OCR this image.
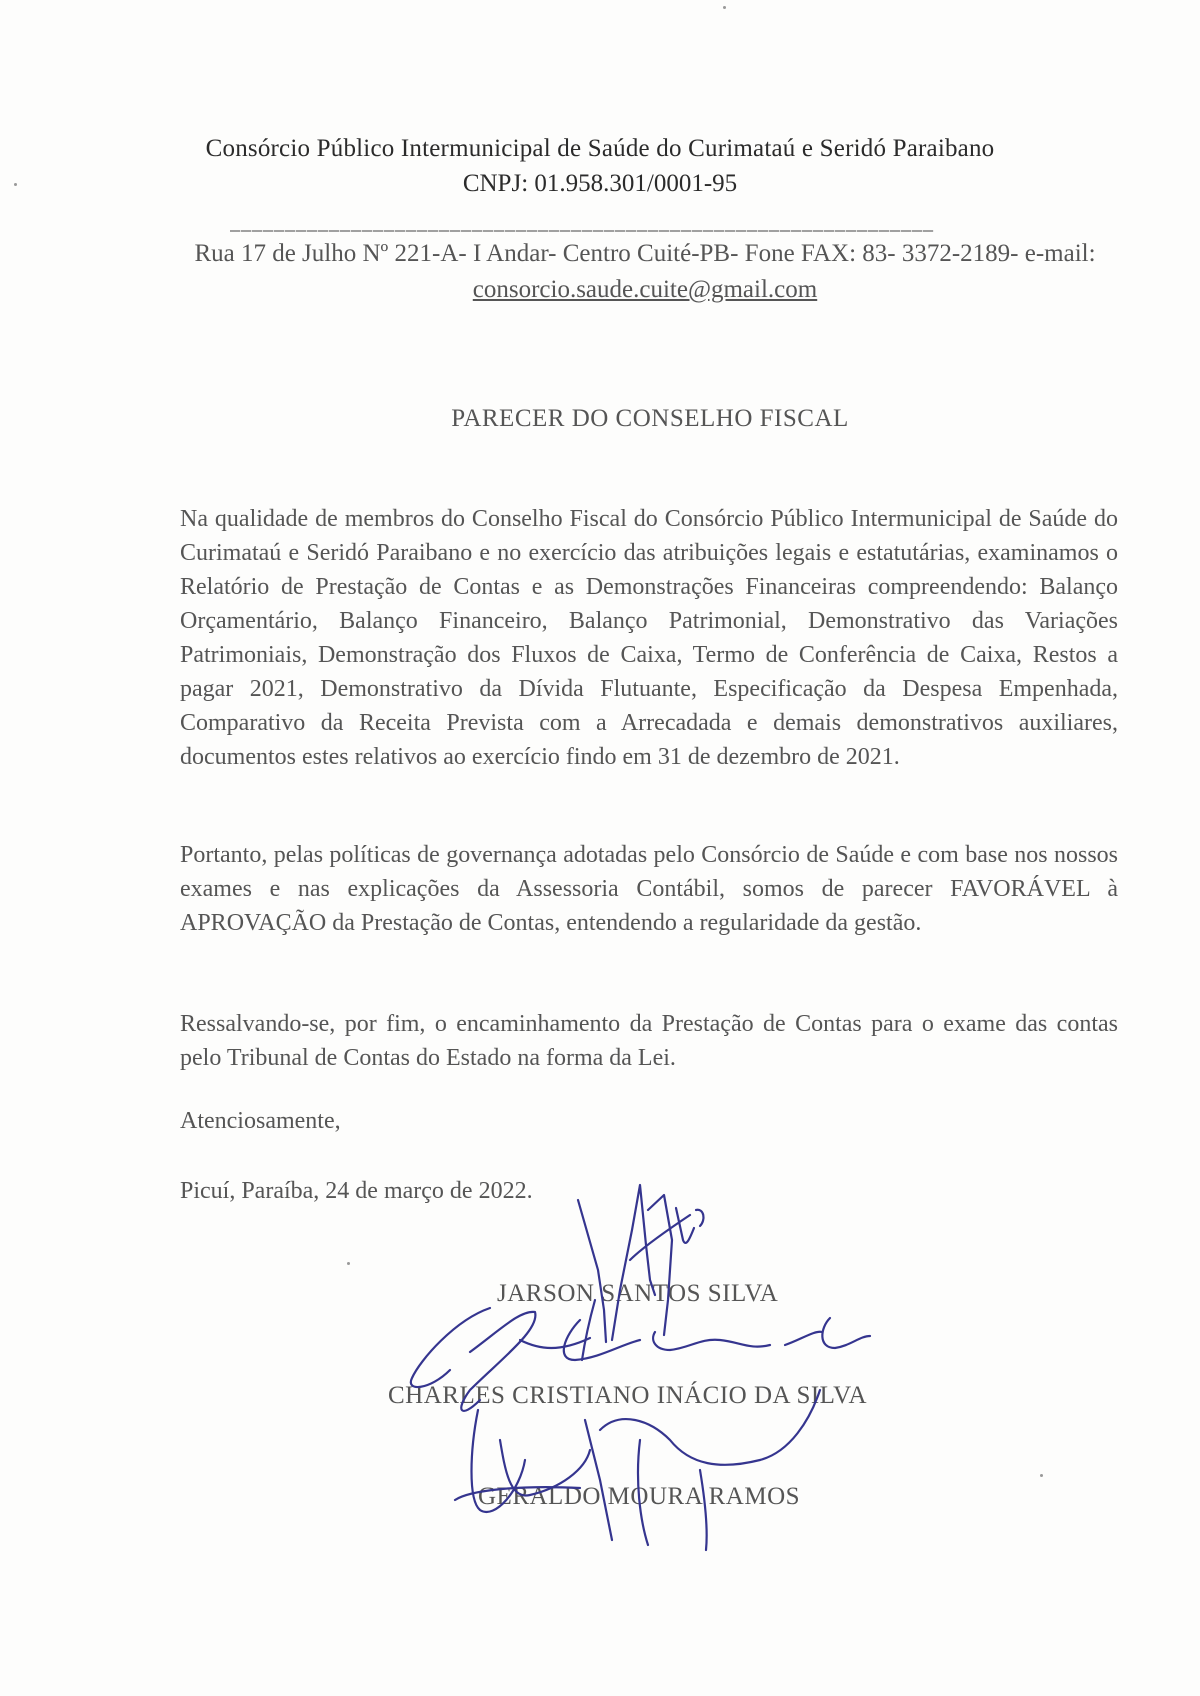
Consórcio Público Intermunicipal de Saúde do Curimataú e Seridó Paraibano
CNPJ: 01.958.301/0001-95
________________________________________________________________
Rua 17 de Julho Nº 221-A- I Andar- Centro Cuité-PB- Fone FAX: 83- 3372-2189- e-mail: consorcio.saude.cuite@gmail.com
PARECER DO CONSELHO FISCAL

Na qualidade de membros do Conselho Fiscal do Consórcio Público Intermunicipal de Saúde do Curimataú e Seridó Paraibano e no exercício das atribuições legais e estatutárias, examinamos o Relatório de Prestação de Contas e as Demonstrações Financeiras compreendendo: Balanço Orçamentário, Balanço Financeiro, Balanço Patrimonial, Demonstrativo das Variações Patrimoniais, Demonstração dos Fluxos de Caixa, Termo de Conferência de Caixa, Restos a pagar 2021, Demonstrativo da Dívida Flutuante, Especificação da Despesa Empenhada, Comparativo da Receita Prevista com a Arrecadada e demais demonstrativos auxiliares, documentos estes relativos ao exercício findo em 31 de dezembro de 2021.

Portanto, pelas políticas de governança adotadas pelo Consórcio de Saúde e com base nos nossos exames e nas explicações da Assessoria Contábil, somos de parecer FAVORÁVEL à APROVAÇÃO da Prestação de Contas, entendendo a regularidade da gestão.

Ressalvando-se, por fim, o encaminhamento da Prestação de Contas para o exame das contas pelo Tribunal de Contas do Estado na forma da Lei.

Atenciosamente,
Picuí, Paraíba, 24 de março de 2022.
JARSON SANTOS SILVA
CHARLES CRISTIANO INÁCIO DA SILVA
GERALDO MOURA RAMOS
